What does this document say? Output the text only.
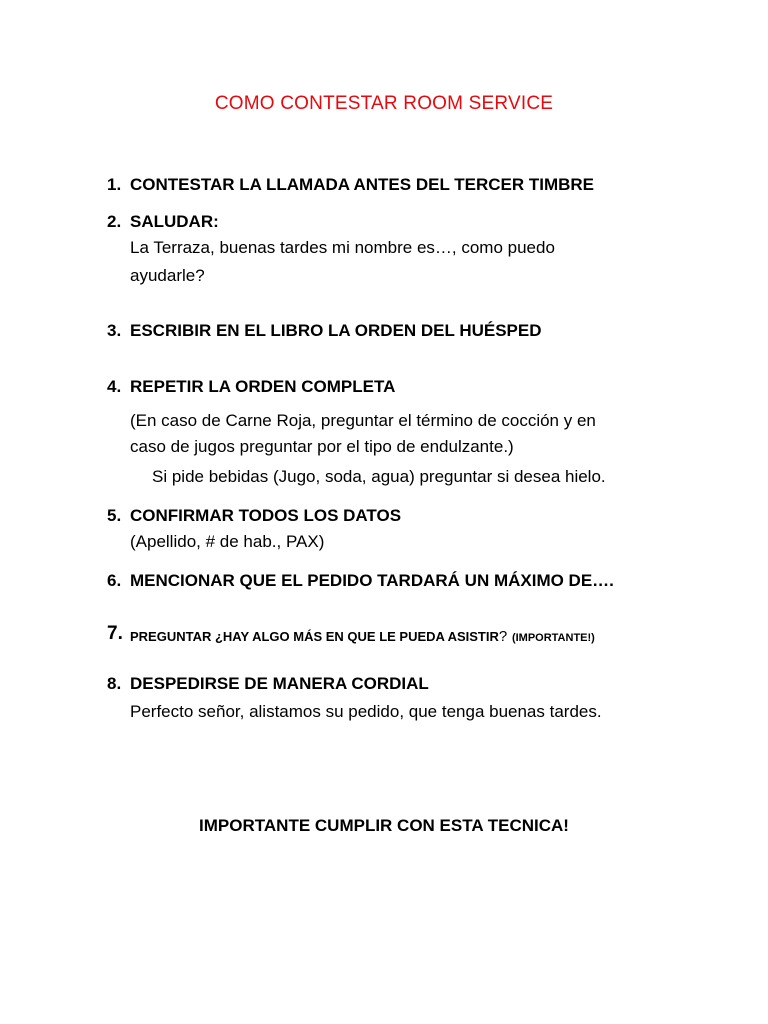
COMO CONTESTAR ROOM SERVICE
1. CONTESTAR LA LLAMADA ANTES DEL TERCER TIMBRE
2. SALUDAR:
La Terraza, buenas tardes mi nombre es…, como puedo
ayudarle?
3. ESCRIBIR EN EL LIBRO LA ORDEN DEL HUÉSPED
4. REPETIR LA ORDEN COMPLETA
(En caso de Carne Roja, preguntar el término de cocción y en
caso de jugos preguntar por el tipo de endulzante.)
Si pide bebidas (Jugo, soda, agua) preguntar si desea hielo.
5. CONFIRMAR TODOS LOS DATOS
(Apellido, # de hab., PAX)
6. MENCIONAR QUE EL PEDIDO TARDARÁ UN MÁXIMO DE….
7. PREGUNTAR ¿HAY ALGO MÁS EN QUE LE PUEDA ASISTIR? (IMPORTANTE!)
8. DESPEDIRSE DE MANERA CORDIAL
Perfecto señor, alistamos su pedido, que tenga buenas tardes.
IMPORTANTE CUMPLIR CON ESTA TECNICA!
